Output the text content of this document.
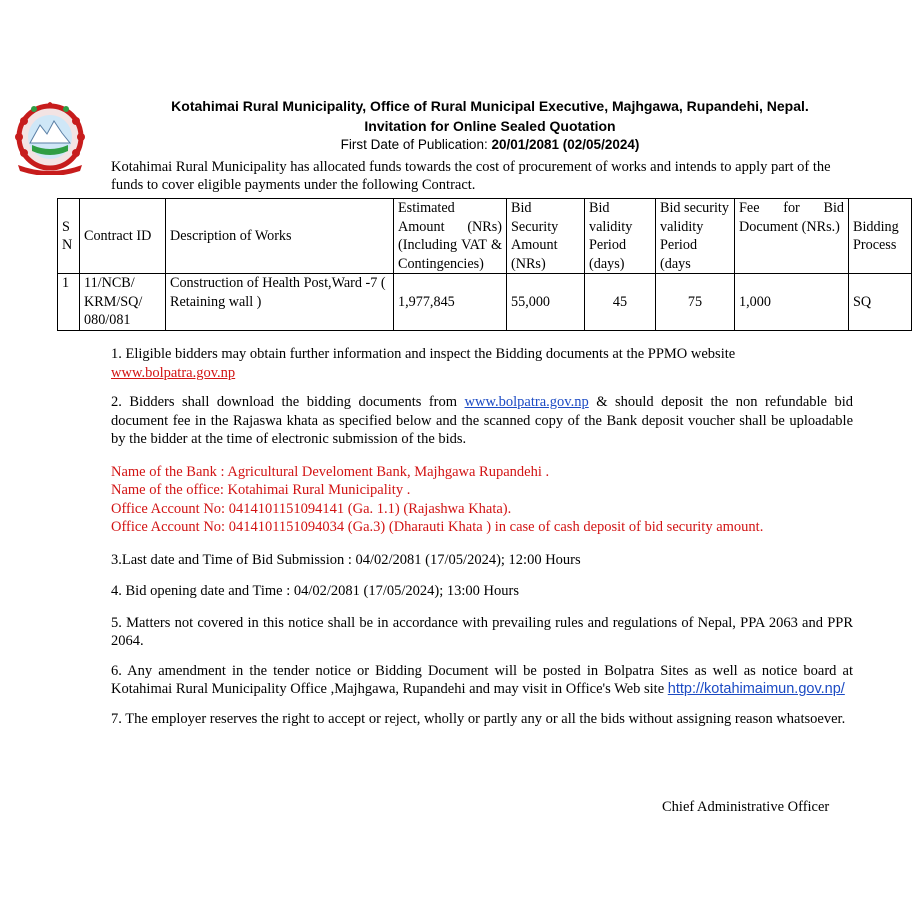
Kotahimai Rural Municipality, Office of Rural Municipal Executive, Majhgawa, Rupandehi, Nepal.
Invitation for Online Sealed Quotation
First Date of Publication: 20/01/2081 (02/05/2024)
Kotahimai Rural Municipality has allocated funds towards the cost of procurement of works and intends to apply part of the funds to cover eligible payments under the following Contract.
S N	Contract ID	Description of Works	Estimated Amount (NRs) (Including VAT & Contingencies)	Bid Security Amount (NRs)	Bid validity Period (days)	Bid security validity Period (days	Fee for Bid Document (NRs.)	Bidding Process
1	11/NCB/ KRM/SQ/ 080/081	Construction of Health Post,Ward -7 ( Retaining wall )	1,977,845	55,000	45	75	1,000	SQ

1. Eligible bidders may obtain further information and inspect the Bidding documents at the PPMO website
www.bolpatra.gov.np

2. Bidders shall download the bidding documents from www.bolpatra.gov.np & should deposit the non refundable bid document fee in the Rajaswa khata as specified below and the scanned copy of the Bank deposit voucher shall be uploadable by the bidder at the time of electronic submission of the bids.

Name of the Bank : Agricultural Develoment Bank, Majhgawa Rupandehi .
Name of the office: Kotahimai Rural Municipality .
Office Account No: 041410115109414​1 (Ga. 1.1) (Rajashwa Khata).
Office Account No: 0414101151094034 (Ga.3) (Dharauti Khata ) in case of cash deposit of bid security amount.

3.Last date and Time of Bid Submission : 04/02/2081 (17/05/2024); 12:00 Hours

4. Bid opening date and Time : 04/02/2081 (17/05/2024); 13:00 Hours

5. Matters not covered in this notice shall be in accordance with prevailing rules and regulations of Nepal, PPA 2063 and PPR 2064.

6. Any amendment in the tender notice or Bidding Document will be posted in Bolpatra Sites as well as notice board at Kotahimai Rural Municipality Office ,Majhgawa, Rupandehi and may visit in Office's Web site http://kotahimaimun.gov.np/

7. The employer reserves the right to accept or reject, wholly or partly any or all the bids without assigning reason whatsoever.

Chief Administrative Officer
